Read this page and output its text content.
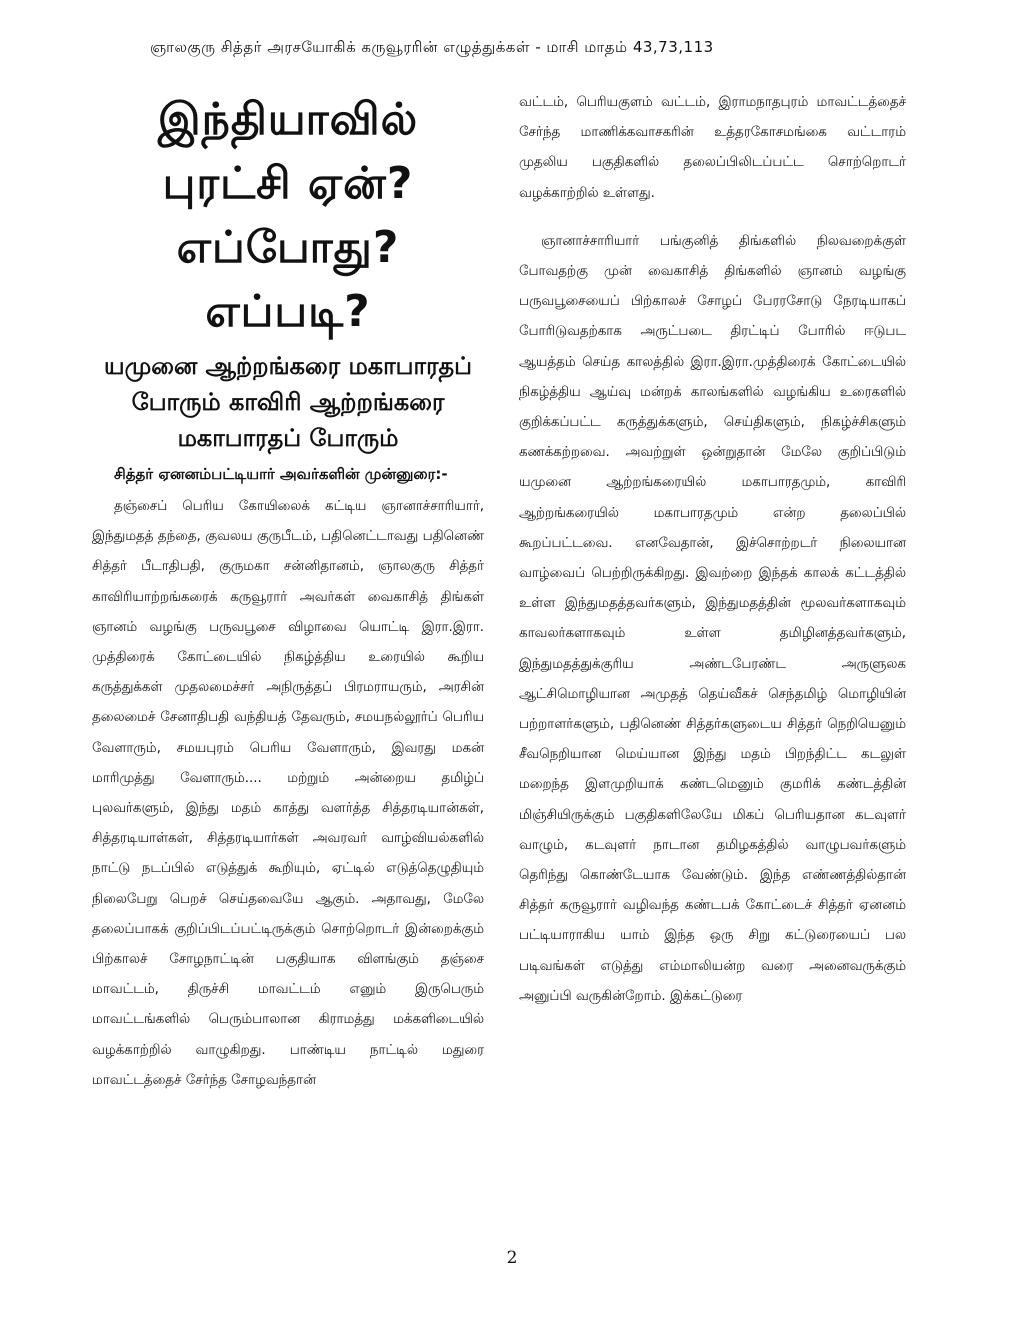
ஞாலகுரு சித்தர் அரசயோகிக் கருவூரரின் எழுத்துக்கள் - மாசி மாதம் 43,73,113
இந்தியாவில் புரட்சி ஏன்? எப்போது? எப்படி?
யமுனை ஆற்றங்கரை மகாபாரதப் போரும் காவிரி ஆற்றங்கரை மகாபாரதப் போரும்

சித்தர் ஏனனம்பட்டியார் அவர்களின் முன்னுரை:-

தஞ்சைப் பெரிய கோயிலைக் கட்டிய ஞானாச்சாரியார், இந்துமதத் தந்தை, குவலய குருபீடம், பதினெட்டாவது பதினெண் சித்தர் பீடாதிபதி, குருமகா சன்னிதானம், ஞாலகுரு சித்தர் காவிரியாற்றங்கரைக் கருவூரார் அவர்கள் வைகாசித் திங்கள் ஞானம் வழங்கு பருவபூசை விழாவை யொட்டி இரா.இரா. முத்திரைக் கோட்டையில் நிகழ்த்திய உரையில் கூறிய கருத்துக்கள் முதலமைச்சர் அநிருத்தப் பிரமராயரும், அரசின் தலைமைச் சேனாதிபதி வந்தியத் தேவரும், சமயநல்லூர்ப் பெரிய வேளாரும், சமயபுரம் பெரிய வேளாரும், இவரது மகன் மாரிமுத்து வேளாரும்.... மற்றும் அன்றைய தமிழ்ப் புலவர்களும், இந்து மதம் காத்து வளர்த்த சித்தரடியான்கள், சித்தரடியாள்கள், சித்தரடியார்கள் அவரவர் வாழ்வியல்களில் நாட்டு நடப்பில் எடுத்துக் கூறியும், ஏட்டில் எடுத்தெழுதியும் நிலைபேறு பெறச் செய்தவையே ஆகும். அதாவது, மேலே தலைப்பாகக் குறிப்பிடப்பட்டிருக்கும் சொற்றொடர் இன்றைக்கும் பிற்காலச் சோழநாட்டின் பகுதியாக விளங்கும் தஞ்சை மாவட்டம், திருச்சி மாவட்டம் எனும் இருபெரும் மாவட்டங்களில் பெரும்பாலான கிராமத்து மக்களிடையில் வழக்காற்றில் வாழுகிறது. பாண்டிய நாட்டில் மதுரை மாவட்டத்தைச் சேர்ந்த சோழவந்தான்

வட்டம், பெரியகுளம் வட்டம், இராமநாதபுரம் மாவட்டத்தைச் சேர்ந்த மாணிக்கவாசகரின் உத்தரகோசமங்கை வட்டாரம் முதலிய பகுதிகளில் தலைப்பிலிடப்பட்ட சொற்றொடர் வழக்காற்றில் உள்ளது.

ஞானாச்சாரியார் பங்குனித் திங்களில் நிலவறைக்குள் போவதற்கு முன் வைகாசித் திங்களில் ஞானம் வழங்கு பருவபூசையைப் பிற்காலச் சோழப் பேரரசோடு நேரடியாகப் போரிடுவதற்காக அருட்படை திரட்டிப் போரில் ஈடுபட ஆயத்தம் செய்த காலத்தில் இரா.இரா.முத்திரைக் கோட்டையில் நிகழ்த்திய ஆய்வு மன்றக் காலங்களில் வழங்கிய உரைகளில் குறிக்கப்பட்ட கருத்துக்களும், செய்திகளும், நிகழ்ச்சிகளும் கணக்கற்றவை. அவற்றுள் ஒன்றுதான் மேலே குறிப்பிடும் யமுனை ஆற்றங்கரையில் மகாபாரதமும், காவிரி ஆற்றங்கரையில் மகாபாரதமும் என்ற தலைப்பில் கூறப்பட்டவை. எனவேதான், இச்சொற்றடர் நிலையான வாழ்வைப் பெற்றிருக்கிறது. இவற்றை இந்தக் காலக் கட்டத்தில் உள்ள இந்துமதத்தவர்களும், இந்துமதத்தின் மூலவர்களாகவும் காவலர்களாகவும் உள்ள தமிழினத்தவர்களும், இந்துமதத்துக்குரிய அண்டபேரண்ட அருளுலக ஆட்சிமொழியான அமுதத் தெய்வீகச் செந்தமிழ் மொழியின் பற்றாளர்களும், பதினெண் சித்தர்களுடைய சித்தர் நெறியெனும் சீவநெறியான மெய்யான இந்து மதம் பிறந்திட்ட கடலுள் மறைந்த இளமுறியாக் கண்டமெனும் குமரிக் கண்டத்தின் மிஞ்சியிருக்கும் பகுதிகளிலேயே மிகப் பெரியதான கடவுளர் வாழும், கடவுளர் நாடான தமிழகத்தில் வாழுபவர்களும் தெரிந்து கொண்டேயாக வேண்டும். இந்த எண்ணத்தில்தான் சித்தர் கருவூரார் வழிவந்த கண்டபக் கோட்டைச் சித்தர் ஏனனம் பட்டியாராகிய யாம் இந்த ஒரு சிறு கட்டுரையைப் பல படிவங்கள் எடுத்து எம்மாலியன்ற வரை அனைவருக்கும் அனுப்பி வருகின்றோம். இக்கட்டுரை

2
